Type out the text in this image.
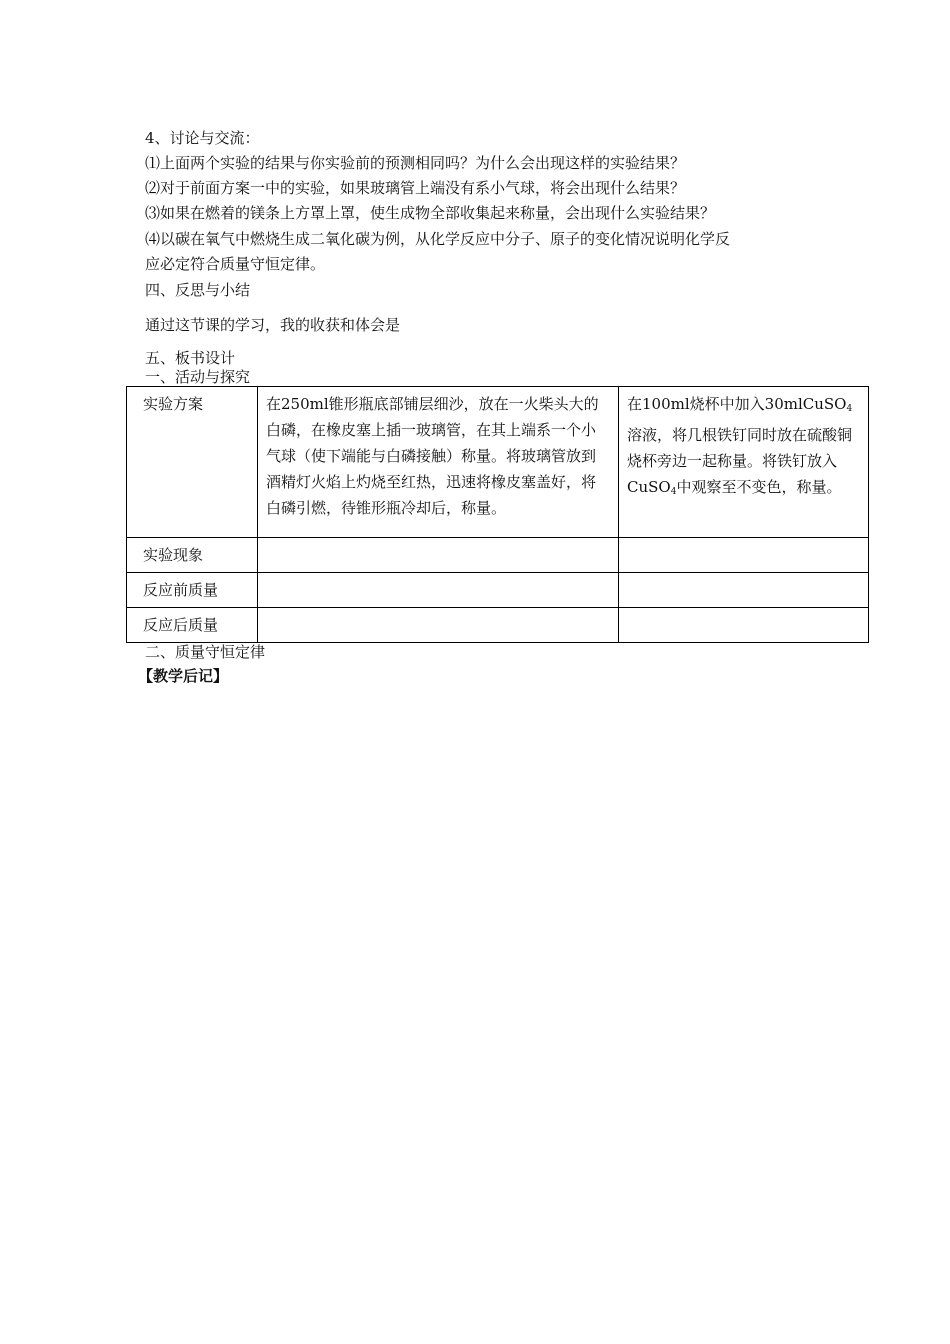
4、讨论与交流：
⑴上面两个实验的结果与你实验前的预测相同吗？为什么会出现这样的实验结果？
⑵对于前面方案一中的实验，如果玻璃管上端没有系小气球，将会出现什么结果？
⑶如果在燃着的镁条上方罩上罩，使生成物全部收集起来称量，会出现什么实验结果？
⑷以碳在氧气中燃烧生成二氧化碳为例，从化学反应中分子、原子的变化情况说明化学反
应必定符合质量守恒定律。
四、反思与小结
通过这节课的学习，我的收获和体会是
五、板书设计
一、活动与探究
实验方案	在250ml锥形瓶底部铺层细沙，放在一火柴头大的白磷，在橡皮塞上插一玻璃管，在其上端系一个小气球（使下端能与白磷接触）称量。将玻璃管放到酒精灯火焰上灼烧至红热，迅速将橡皮塞盖好，将白磷引燃，待锥形瓶冷却后，称量。	在100ml烧杯中加入30mlCuSO$_4$溶液，将几根铁钉同时放在硫酸铜烧杯旁边一起称量。将铁钉放入CuSO$_4$中观察至不变色，称量。
实验现象		
反应前质量		
反应后质量		
二、质量守恒定律
【教学后记】
